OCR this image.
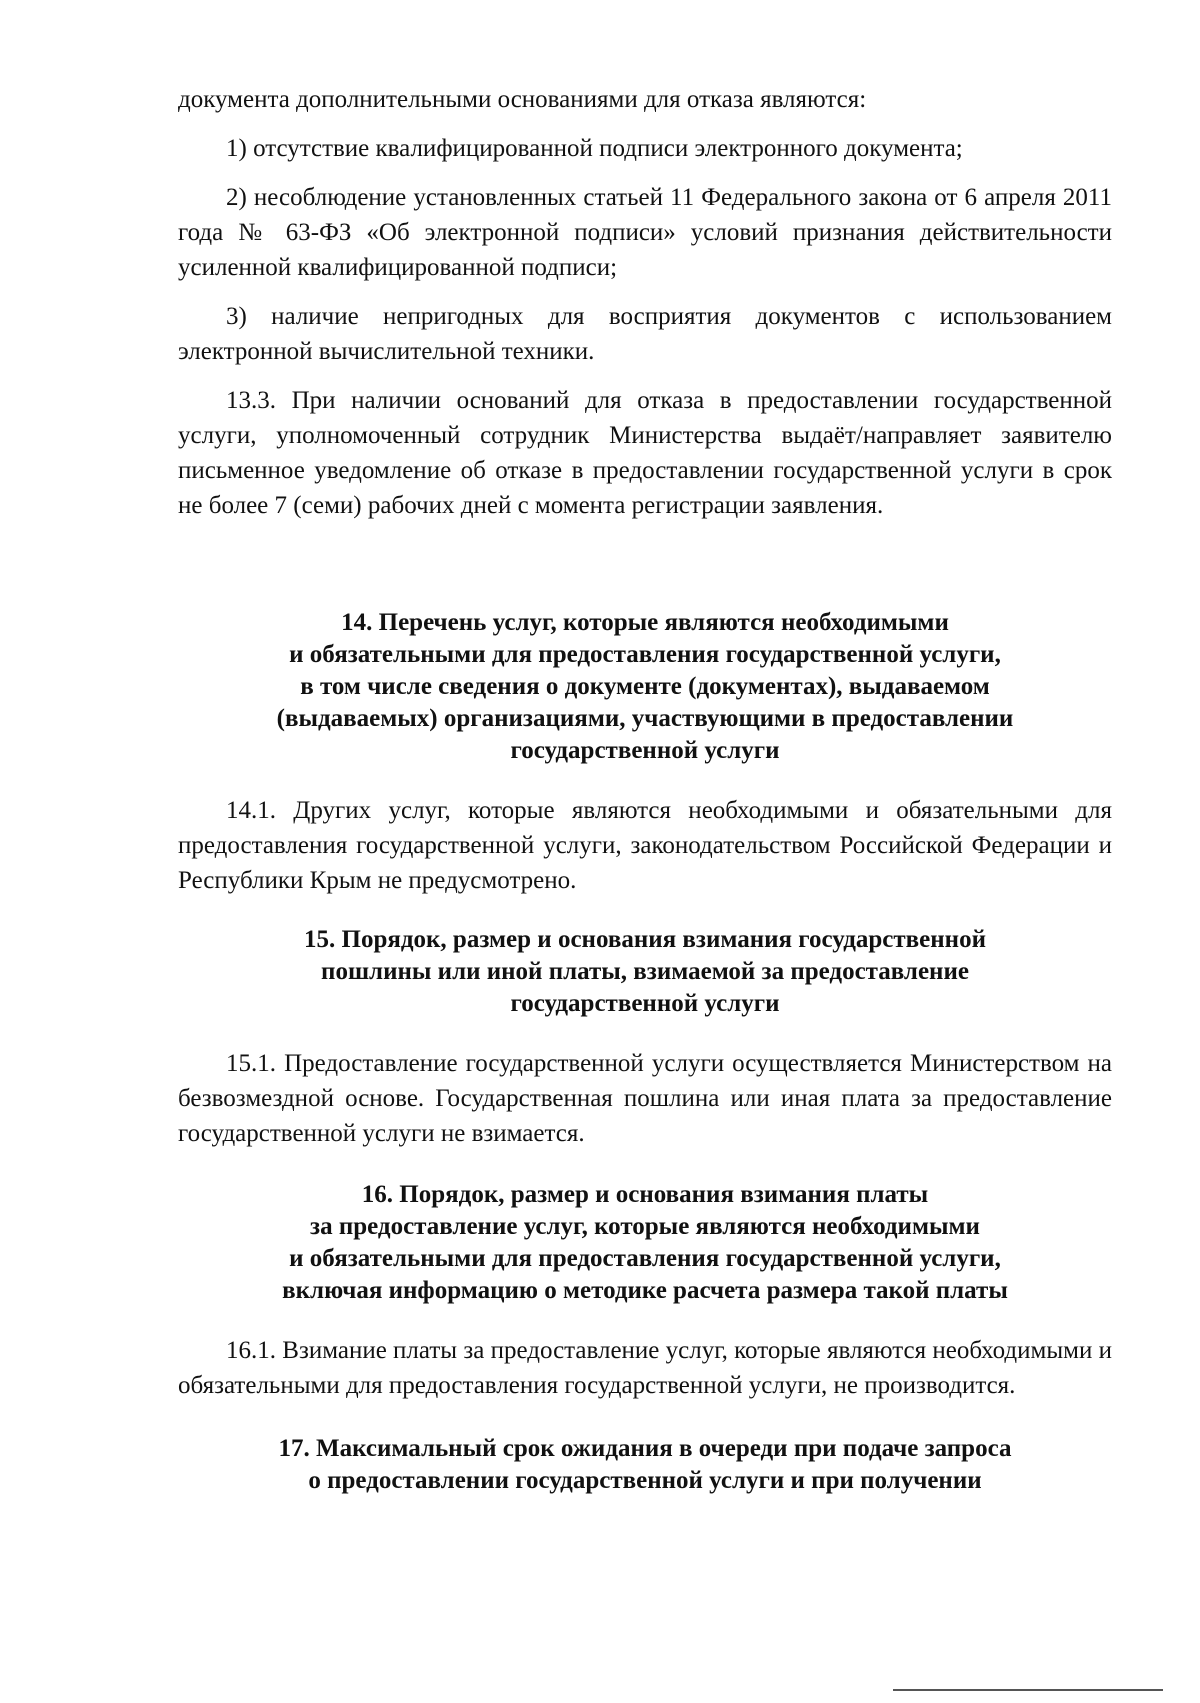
документа дополнительными основаниями для отказа являются:

1) отсутствие квалифицированной подписи электронного документа;

2) несоблюдение установленных статьей 11 Федерального закона от 6 апреля 2011 года № 63-ФЗ «Об электронной подписи» условий признания действительности усиленной квалифицированной подписи;

3) наличие непригодных для восприятия документов с использованием электронной вычислительной техники.

13.3. При наличии оснований для отказа в предоставлении государственной услуги, уполномоченный сотрудник Министерства выдаёт/направляет заявителю письменное уведомление об отказе в предоставлении государственной услуги в срок не более 7 (семи) рабочих дней с момента регистрации заявления.

14. Перечень услуг, которые являются необходимыми
и обязательными для предоставления государственной услуги,
в том числе сведения о документе (документах), выдаваемом
(выдаваемых) организациями, участвующими в предоставлении
государственной услуги

14.1. Других услуг, которые являются необходимыми и обязательными для предоставления государственной услуги, законодательством Российской Федерации и Республики Крым не предусмотрено.

15. Порядок, размер и основания взимания государственной
пошлины или иной платы, взимаемой за предоставление
государственной услуги

15.1. Предоставление государственной услуги осуществляется Министерством на безвозмездной основе. Государственная пошлина или иная плата за предоставление государственной услуги не взимается.

16. Порядок, размер и основания взимания платы
за предоставление услуг, которые являются необходимыми
и обязательными для предоставления государственной услуги,
включая информацию о методике расчета размера такой платы

16.1. Взимание платы за предоставление услуг, которые являются необходимыми и обязательными для предоставления государственной услуги, не производится.

17. Максимальный срок ожидания в очереди при подаче запроса
о предоставлении государственной услуги и при получении
